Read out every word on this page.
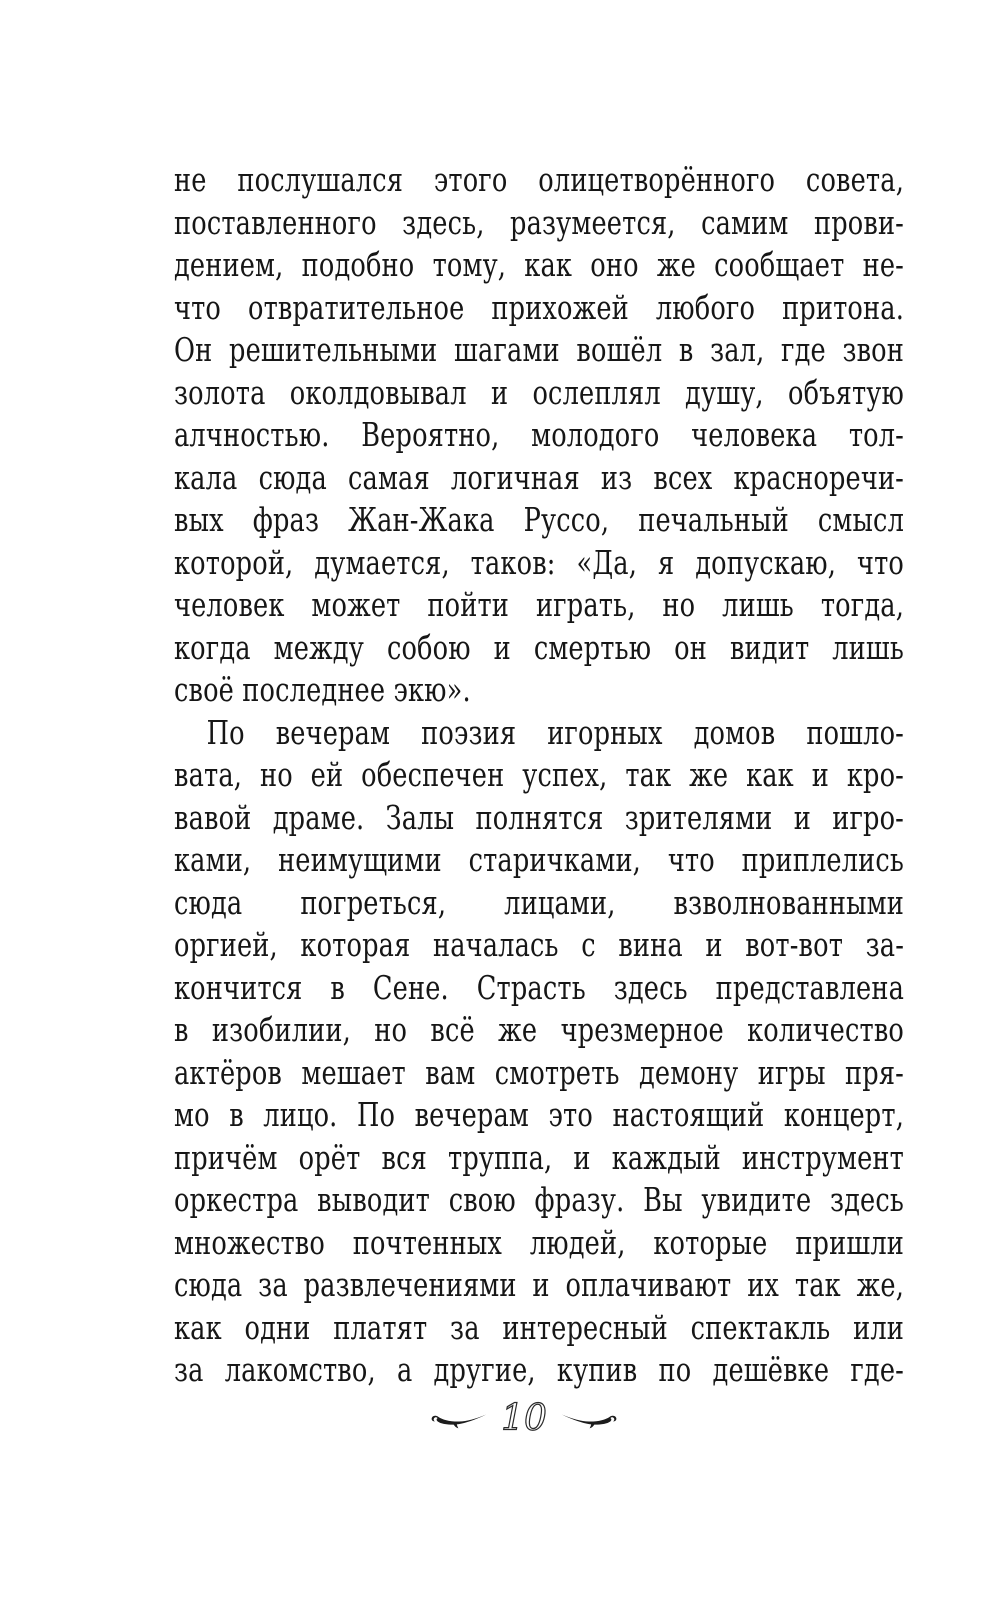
не послушался этого олицетворённого совета,
поставленного здесь, разумеется, самим прови-
дением, подобно тому, как оно же сообщает не-
что отвратительное прихожей любого притона.
Он решительными шагами вошёл в зал, где звон
золота околдовывал и ослеплял душу, объятую
алчностью. Вероятно, молодого человека тол-
кала сюда самая логичная из всех красноречи-
вых фраз Жан-Жака Руссо, печальный смысл
которой, думается, таков: «Да, я допускаю, что
человек может пойти играть, но лишь тогда,
когда между собою и смертью он видит лишь
своё последнее экю».
По вечерам поэзия игорных домов пошло-
вата, но ей обеспечен успех, так же как и кро-
вавой драме. Залы полнятся зрителями и игро-
ками, неимущими старичками, что приплелись
сюда погреться, лицами, взволнованными
оргией, которая началась с вина и вот-вот за-
кончится в Сене. Страсть здесь представлена
в изобилии, но всё же чрезмерное количество
актёров мешает вам смотреть демону игры пря-
мо в лицо. По вечерам это настоящий концерт,
причём орёт вся труппа, и каждый инструмент
оркестра выводит свою фразу. Вы увидите здесь
множество почтенных людей, которые пришли
сюда за развлечениями и оплачивают их так же,
как одни платят за интересный спектакль или
за лакомство, а другие, купив по дешёвке где-
10
